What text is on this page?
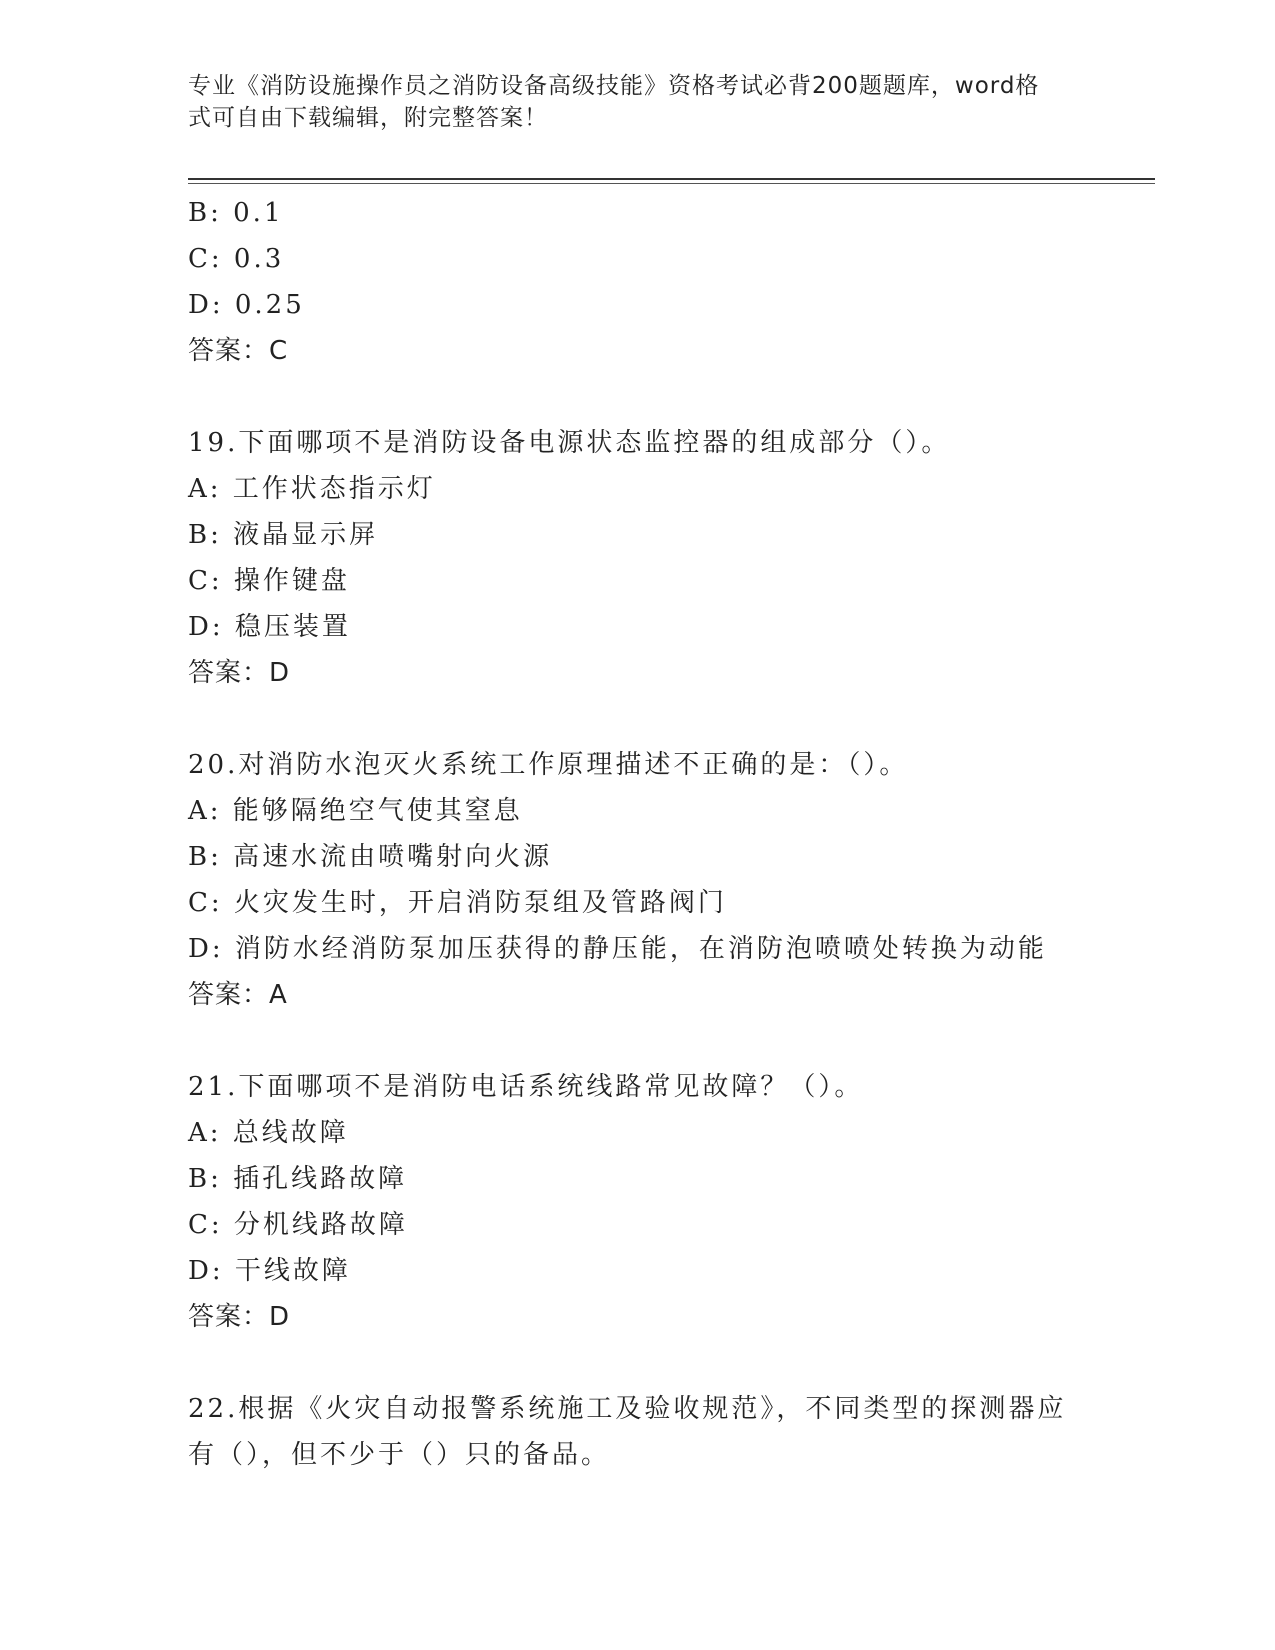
专业《消防设施操作员之消防设备高级技能》资格考试必背200题题库，word格
式可自由下载编辑，附完整答案！
B: 0.1
C: 0.3
D: 0.25
答案：C
19.下面哪项不是消防设备电源状态监控器的组成部分（）。
A: 工作状态指示灯
B: 液晶显示屏
C: 操作键盘
D: 稳压装置
答案：D
20.对消防水泡灭火系统工作原理描述不正确的是：（）。
A: 能够隔绝空气使其窒息
B: 高速水流由喷嘴射向火源
C: 火灾发生时，开启消防泵组及管路阀门
D: 消防水经消防泵加压获得的静压能，在消防泡喷喷处转换为动能
答案：A
21.下面哪项不是消防电话系统线路常见故障？（）。
A: 总线故障
B: 插孔线路故障
C: 分机线路故障
D: 干线故障
答案：D
22.根据《火灾自动报警系统施工及验收规范》，不同类型的探测器应
有（），但不少于（）只的备品。
